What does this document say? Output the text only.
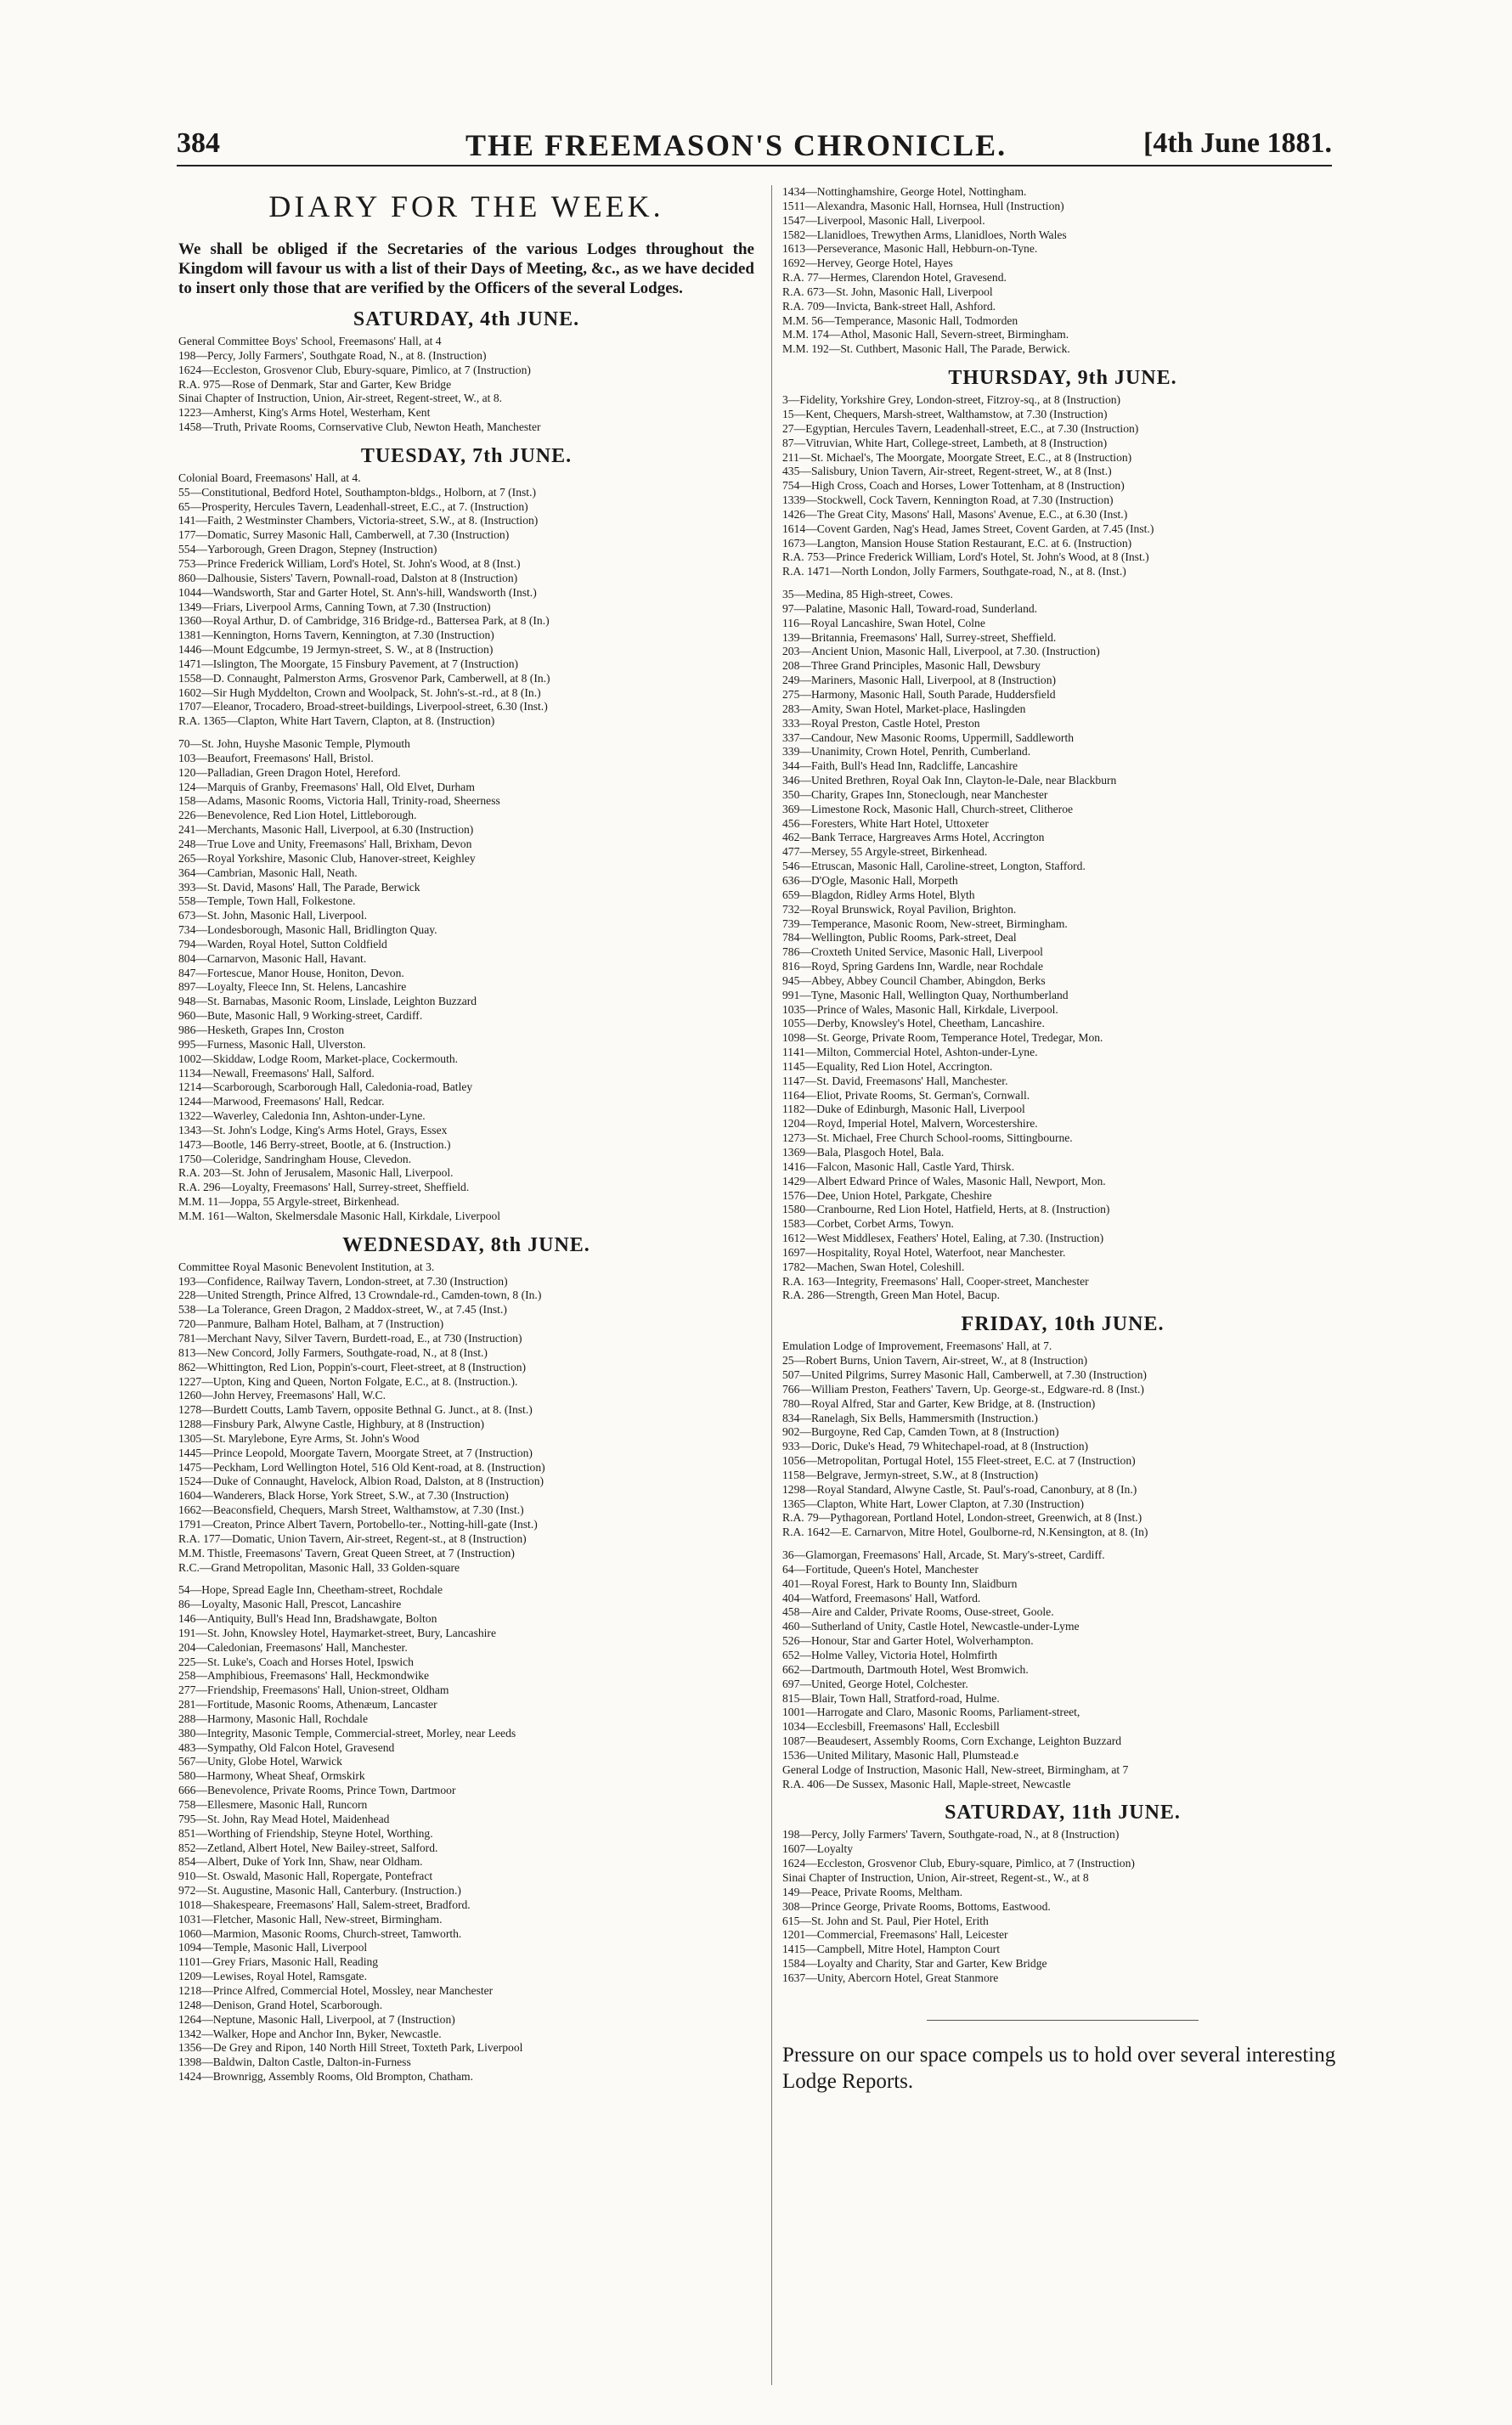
384	THE FREEMASON'S CHRONICLE.	[4th June 1881.
DIARY FOR THE WEEK.

We shall be obliged if the Secretaries of the various Lodges throughout the Kingdom will favour us with a list of their Days of Meeting, &c., as we have decided to insert only those that are verified by the Officers of the several Lodges.

SATURDAY, 4th JUNE.
General Committee Boys' School, Freemasons' Hall, at 4
198—Percy, Jolly Farmers', Southgate Road, N., at 8. (Instruction)
1624—Eccleston, Grosvenor Club, Ebury-square, Pimlico, at 7 (Instruction)
R.A. 975—Rose of Denmark, Star and Garter, Kew Bridge
Sinai Chapter of Instruction, Union, Air-street, Regent-street, W., at 8.
1223—Amherst, King's Arms Hotel, Westerham, Kent
1458—Truth, Private Rooms, Cornservative Club, Newton Heath, Manchester
TUESDAY, 7th JUNE.
Colonial Board, Freemasons' Hall, at 4.
55—Constitutional, Bedford Hotel, Southampton-bldgs., Holborn, at 7 (Inst.)
65—Prosperity, Hercules Tavern, Leadenhall-street, E.C., at 7. (Instruction)
141—Faith, 2 Westminster Chambers, Victoria-street, S.W., at 8. (Instruction)
177—Domatic, Surrey Masonic Hall, Camberwell, at 7.30 (Instruction)
554—Yarborough, Green Dragon, Stepney (Instruction)
753—Prince Frederick William, Lord's Hotel, St. John's Wood, at 8 (Inst.)
860—Dalhousie, Sisters' Tavern, Pownall-road, Dalston at 8 (Instruction)
1044—Wandsworth, Star and Garter Hotel, St. Ann's-hill, Wandsworth (Inst.)
1349—Friars, Liverpool Arms, Canning Town, at 7.30 (Instruction)
1360—Royal Arthur, D. of Cambridge, 316 Bridge-rd., Battersea Park, at 8 (In.)
1381—Kennington, Horns Tavern, Kennington, at 7.30 (Instruction)
1446—Mount Edgcumbe, 19 Jermyn-street, S. W., at 8 (Instruction)
1471—Islington, The Moorgate, 15 Finsbury Pavement, at 7 (Instruction)
1558—D. Connaught, Palmerston Arms, Grosvenor Park, Camberwell, at 8 (In.)
1602—Sir Hugh Myddelton, Crown and Woolpack, St. John's-st.-rd., at 8 (In.)
1707—Eleanor, Trocadero, Broad-street-buildings, Liverpool-street, 6.30 (Inst.)
R.A. 1365—Clapton, White Hart Tavern, Clapton, at 8. (Instruction)
70—St. John, Huyshe Masonic Temple, Plymouth
103—Beaufort, Freemasons' Hall, Bristol.
120—Palladian, Green Dragon Hotel, Hereford.
124—Marquis of Granby, Freemasons' Hall, Old Elvet, Durham
158—Adams, Masonic Rooms, Victoria Hall, Trinity-road, Sheerness
226—Benevolence, Red Lion Hotel, Littleborough.
241—Merchants, Masonic Hall, Liverpool, at 6.30 (Instruction)
248—True Love and Unity, Freemasons' Hall, Brixham, Devon
265—Royal Yorkshire, Masonic Club, Hanover-street, Keighley
364—Cambrian, Masonic Hall, Neath.
393—St. David, Masons' Hall, The Parade, Berwick
558—Temple, Town Hall, Folkestone.
673—St. John, Masonic Hall, Liverpool.
734—Londesborough, Masonic Hall, Bridlington Quay.
794—Warden, Royal Hotel, Sutton Coldfield
804—Carnarvon, Masonic Hall, Havant.
847—Fortescue, Manor House, Honiton, Devon.
897—Loyalty, Fleece Inn, St. Helens, Lancashire
948—St. Barnabas, Masonic Room, Linslade, Leighton Buzzard
960—Bute, Masonic Hall, 9 Working-street, Cardiff.
986—Hesketh, Grapes Inn, Croston
995—Furness, Masonic Hall, Ulverston.
1002—Skiddaw, Lodge Room, Market-place, Cockermouth.
1134—Newall, Freemasons' Hall, Salford.
1214—Scarborough, Scarborough Hall, Caledonia-road, Batley
1244—Marwood, Freemasons' Hall, Redcar.
1322—Waverley, Caledonia Inn, Ashton-under-Lyne.
1343—St. John's Lodge, King's Arms Hotel, Grays, Essex
1473—Bootle, 146 Berry-street, Bootle, at 6. (Instruction.)
1750—Coleridge, Sandringham House, Clevedon.
R.A. 203—St. John of Jerusalem, Masonic Hall, Liverpool.
R.A. 296—Loyalty, Freemasons' Hall, Surrey-street, Sheffield.
M.M. 11—Joppa, 55 Argyle-street, Birkenhead.
M.M. 161—Walton, Skelmersdale Masonic Hall, Kirkdale, Liverpool
WEDNESDAY, 8th JUNE.
Committee Royal Masonic Benevolent Institution, at 3.
193—Confidence, Railway Tavern, London-street, at 7.30 (Instruction)
228—United Strength, Prince Alfred, 13 Crowndale-rd., Camden-town, 8 (In.)
538—La Tolerance, Green Dragon, 2 Maddox-street, W., at 7.45 (Inst.)
720—Panmure, Balham Hotel, Balham, at 7 (Instruction)
781—Merchant Navy, Silver Tavern, Burdett-road, E., at 730 (Instruction)
813—New Concord, Jolly Farmers, Southgate-road, N., at 8 (Inst.)
862—Whittington, Red Lion, Poppin's-court, Fleet-street, at 8 (Instruction)
1227—Upton, King and Queen, Norton Folgate, E.C., at 8. (Instruction.).
1260—John Hervey, Freemasons' Hall, W.C.
1278—Burdett Coutts, Lamb Tavern, opposite Bethnal G. Junct., at 8. (Inst.)
1288—Finsbury Park, Alwyne Castle, Highbury, at 8 (Instruction)
1305—St. Marylebone, Eyre Arms, St. John's Wood
1445—Prince Leopold, Moorgate Tavern, Moorgate Street, at 7 (Instruction)
1475—Peckham, Lord Wellington Hotel, 516 Old Kent-road, at 8. (Instruction)
1524—Duke of Connaught, Havelock, Albion Road, Dalston, at 8 (Instruction)
1604—Wanderers, Black Horse, York Street, S.W., at 7.30 (Instruction)
1662—Beaconsfield, Chequers, Marsh Street, Walthamstow, at 7.30 (Inst.)
1791—Creaton, Prince Albert Tavern, Portobello-ter., Notting-hill-gate (Inst.)
R.A. 177—Domatic, Union Tavern, Air-street, Regent-st., at 8 (Instruction)
M.M. Thistle, Freemasons' Tavern, Great Queen Street, at 7 (Instruction)
R.C.—Grand Metropolitan, Masonic Hall, 33 Golden-square
54—Hope, Spread Eagle Inn, Cheetham-street, Rochdale
86—Loyalty, Masonic Hall, Prescot, Lancashire
146—Antiquity, Bull's Head Inn, Bradshawgate, Bolton
191—St. John, Knowsley Hotel, Haymarket-street, Bury, Lancashire
204—Caledonian, Freemasons' Hall, Manchester.
225—St. Luke's, Coach and Horses Hotel, Ipswich
258—Amphibious, Freemasons' Hall, Heckmondwike
277—Friendship, Freemasons' Hall, Union-street, Oldham
281—Fortitude, Masonic Rooms, Athenæum, Lancaster
288—Harmony, Masonic Hall, Rochdale
380—Integrity, Masonic Temple, Commercial-street, Morley, near Leeds
483—Sympathy, Old Falcon Hotel, Gravesend
567—Unity, Globe Hotel, Warwick
580—Harmony, Wheat Sheaf, Ormskirk
666—Benevolence, Private Rooms, Prince Town, Dartmoor
758—Ellesmere, Masonic Hall, Runcorn
795—St. John, Ray Mead Hotel, Maidenhead
851—Worthing of Friendship, Steyne Hotel, Worthing.
852—Zetland, Albert Hotel, New Bailey-street, Salford.
854—Albert, Duke of York Inn, Shaw, near Oldham.
910—St. Oswald, Masonic Hall, Ropergate, Pontefract
972—St. Augustine, Masonic Hall, Canterbury. (Instruction.)
1018—Shakespeare, Freemasons' Hall, Salem-street, Bradford.
1031—Fletcher, Masonic Hall, New-street, Birmingham.
1060—Marmion, Masonic Rooms, Church-street, Tamworth.
1094—Temple, Masonic Hall, Liverpool
1101—Grey Friars, Masonic Hall, Reading
1209—Lewises, Royal Hotel, Ramsgate.
1218—Prince Alfred, Commercial Hotel, Mossley, near Manchester
1248—Denison, Grand Hotel, Scarborough.
1264—Neptune, Masonic Hall, Liverpool, at 7 (Instruction)
1342—Walker, Hope and Anchor Inn, Byker, Newcastle.
1356—De Grey and Ripon, 140 North Hill Street, Toxteth Park, Liverpool
1398—Baldwin, Dalton Castle, Dalton-in-Furness
1424—Brownrigg, Assembly Rooms, Old Brompton, Chatham.
1434—Nottinghamshire, George Hotel, Nottingham.
1511—Alexandra, Masonic Hall, Hornsea, Hull (Instruction)
1547—Liverpool, Masonic Hall, Liverpool.
1582—Llanidloes, Trewythen Arms, Llanidloes, North Wales
1613—Perseverance, Masonic Hall, Hebburn-on-Tyne.
1692—Hervey, George Hotel, Hayes
R.A. 77—Hermes, Clarendon Hotel, Gravesend.
R.A. 673—St. John, Masonic Hall, Liverpool
R.A. 709—Invicta, Bank-street Hall, Ashford.
M.M. 56—Temperance, Masonic Hall, Todmorden
M.M. 174—Athol, Masonic Hall, Severn-street, Birmingham.
M.M. 192—St. Cuthbert, Masonic Hall, The Parade, Berwick.
THURSDAY, 9th JUNE.
3—Fidelity, Yorkshire Grey, London-street, Fitzroy-sq., at 8 (Instruction)
15—Kent, Chequers, Marsh-street, Walthamstow, at 7.30 (Instruction)
27—Egyptian, Hercules Tavern, Leadenhall-street, E.C., at 7.30 (Instruction)
87—Vitruvian, White Hart, College-street, Lambeth, at 8 (Instruction)
211—St. Michael's, The Moorgate, Moorgate Street, E.C., at 8 (Instruction)
435—Salisbury, Union Tavern, Air-street, Regent-street, W., at 8 (Inst.)
754—High Cross, Coach and Horses, Lower Tottenham, at 8 (Instruction)
1339—Stockwell, Cock Tavern, Kennington Road, at 7.30 (Instruction)
1426—The Great City, Masons' Hall, Masons' Avenue, E.C., at 6.30 (Inst.)
1614—Covent Garden, Nag's Head, James Street, Covent Garden, at 7.45 (Inst.)
1673—Langton, Mansion House Station Restaurant, E.C. at 6. (Instruction)
R.A. 753—Prince Frederick William, Lord's Hotel, St. John's Wood, at 8 (Inst.)
R.A. 1471—North London, Jolly Farmers, Southgate-road, N., at 8. (Inst.)
35—Medina, 85 High-street, Cowes.
97—Palatine, Masonic Hall, Toward-road, Sunderland.
116—Royal Lancashire, Swan Hotel, Colne
139—Britannia, Freemasons' Hall, Surrey-street, Sheffield.
203—Ancient Union, Masonic Hall, Liverpool, at 7.30. (Instruction)
208—Three Grand Principles, Masonic Hall, Dewsbury
249—Mariners, Masonic Hall, Liverpool, at 8 (Instruction)
275—Harmony, Masonic Hall, South Parade, Huddersfield
283—Amity, Swan Hotel, Market-place, Haslingden
333—Royal Preston, Castle Hotel, Preston
337—Candour, New Masonic Rooms, Uppermill, Saddleworth
339—Unanimity, Crown Hotel, Penrith, Cumberland.
344—Faith, Bull's Head Inn, Radcliffe, Lancashire
346—United Brethren, Royal Oak Inn, Clayton-le-Dale, near Blackburn
350—Charity, Grapes Inn, Stoneclough, near Manchester
369—Limestone Rock, Masonic Hall, Church-street, Clitheroe
456—Foresters, White Hart Hotel, Uttoxeter
462—Bank Terrace, Hargreaves Arms Hotel, Accrington
477—Mersey, 55 Argyle-street, Birkenhead.
546—Etruscan, Masonic Hall, Caroline-street, Longton, Stafford.
636—D'Ogle, Masonic Hall, Morpeth
659—Blagdon, Ridley Arms Hotel, Blyth
732—Royal Brunswick, Royal Pavilion, Brighton.
739—Temperance, Masonic Room, New-street, Birmingham.
784—Wellington, Public Rooms, Park-street, Deal
786—Croxteth United Service, Masonic Hall, Liverpool
816—Royd, Spring Gardens Inn, Wardle, near Rochdale
945—Abbey, Abbey Council Chamber, Abingdon, Berks
991—Tyne, Masonic Hall, Wellington Quay, Northumberland
1035—Prince of Wales, Masonic Hall, Kirkdale, Liverpool.
1055—Derby, Knowsley's Hotel, Cheetham, Lancashire.
1098—St. George, Private Room, Temperance Hotel, Tredegar, Mon.
1141—Milton, Commercial Hotel, Ashton-under-Lyne.
1145—Equality, Red Lion Hotel, Accrington.
1147—St. David, Freemasons' Hall, Manchester.
1164—Eliot, Private Rooms, St. German's, Cornwall.
1182—Duke of Edinburgh, Masonic Hall, Liverpool
1204—Royd, Imperial Hotel, Malvern, Worcestershire.
1273—St. Michael, Free Church School-rooms, Sittingbourne.
1369—Bala, Plasgoch Hotel, Bala.
1416—Falcon, Masonic Hall, Castle Yard, Thirsk.
1429—Albert Edward Prince of Wales, Masonic Hall, Newport, Mon.
1576—Dee, Union Hotel, Parkgate, Cheshire
1580—Cranbourne, Red Lion Hotel, Hatfield, Herts, at 8. (Instruction)
1583—Corbet, Corbet Arms, Towyn.
1612—West Middlesex, Feathers' Hotel, Ealing, at 7.30. (Instruction)
1697—Hospitality, Royal Hotel, Waterfoot, near Manchester.
1782—Machen, Swan Hotel, Coleshill.
R.A. 163—Integrity, Freemasons' Hall, Cooper-street, Manchester
R.A. 286—Strength, Green Man Hotel, Bacup.
FRIDAY, 10th JUNE.
Emulation Lodge of Improvement, Freemasons' Hall, at 7.
25—Robert Burns, Union Tavern, Air-street, W., at 8 (Instruction)
507—United Pilgrims, Surrey Masonic Hall, Camberwell, at 7.30 (Instruction)
766—William Preston, Feathers' Tavern, Up. George-st., Edgware-rd. 8 (Inst.)
780—Royal Alfred, Star and Garter, Kew Bridge, at 8. (Instruction)
834—Ranelagh, Six Bells, Hammersmith (Instruction.)
902—Burgoyne, Red Cap, Camden Town, at 8 (Instruction)
933—Doric, Duke's Head, 79 Whitechapel-road, at 8 (Instruction)
1056—Metropolitan, Portugal Hotel, 155 Fleet-street, E.C. at 7 (Instruction)
1158—Belgrave, Jermyn-street, S.W., at 8 (Instruction)
1298—Royal Standard, Alwyne Castle, St. Paul's-road, Canonbury, at 8 (In.)
1365—Clapton, White Hart, Lower Clapton, at 7.30 (Instruction)
R.A. 79—Pythagorean, Portland Hotel, London-street, Greenwich, at 8 (Inst.)
R.A. 1642—E. Carnarvon, Mitre Hotel, Goulborne-rd, N.Kensington, at 8. (In)
36—Glamorgan, Freemasons' Hall, Arcade, St. Mary's-street, Cardiff.
64—Fortitude, Queen's Hotel, Manchester
401—Royal Forest, Hark to Bounty Inn, Slaidburn
404—Watford, Freemasons' Hall, Watford.
458—Aire and Calder, Private Rooms, Ouse-street, Goole.
460—Sutherland of Unity, Castle Hotel, Newcastle-under-Lyme
526—Honour, Star and Garter Hotel, Wolverhampton.
652—Holme Valley, Victoria Hotel, Holmfirth
662—Dartmouth, Dartmouth Hotel, West Bromwich.
697—United, George Hotel, Colchester.
815—Blair, Town Hall, Stratford-road, Hulme.
1001—Harrogate and Claro, Masonic Rooms, Parliament-street,
1034—Ecclesbill, Freemasons' Hall, Ecclesbill
1087—Beaudesert, Assembly Rooms, Corn Exchange, Leighton Buzzard
1536—United Military, Masonic Hall, Plumstead.e
General Lodge of Instruction, Masonic Hall, New-street, Birmingham, at 7
R.A. 406—De Sussex, Masonic Hall, Maple-street, Newcastle
SATURDAY, 11th JUNE.
198—Percy, Jolly Farmers' Tavern, Southgate-road, N., at 8 (Instruction)
1607—Loyalty
1624—Eccleston, Grosvenor Club, Ebury-square, Pimlico, at 7 (Instruction)
Sinai Chapter of Instruction, Union, Air-street, Regent-st., W., at 8
149—Peace, Private Rooms, Meltham.
308—Prince George, Private Rooms, Bottoms, Eastwood.
615—St. John and St. Paul, Pier Hotel, Erith
1201—Commercial, Freemasons' Hall, Leicester
1415—Campbell, Mitre Hotel, Hampton Court
1584—Loyalty and Charity, Star and Garter, Kew Bridge
1637—Unity, Abercorn Hotel, Great Stanmore

Pressure on our space compels us to hold over several interesting Lodge Reports.
